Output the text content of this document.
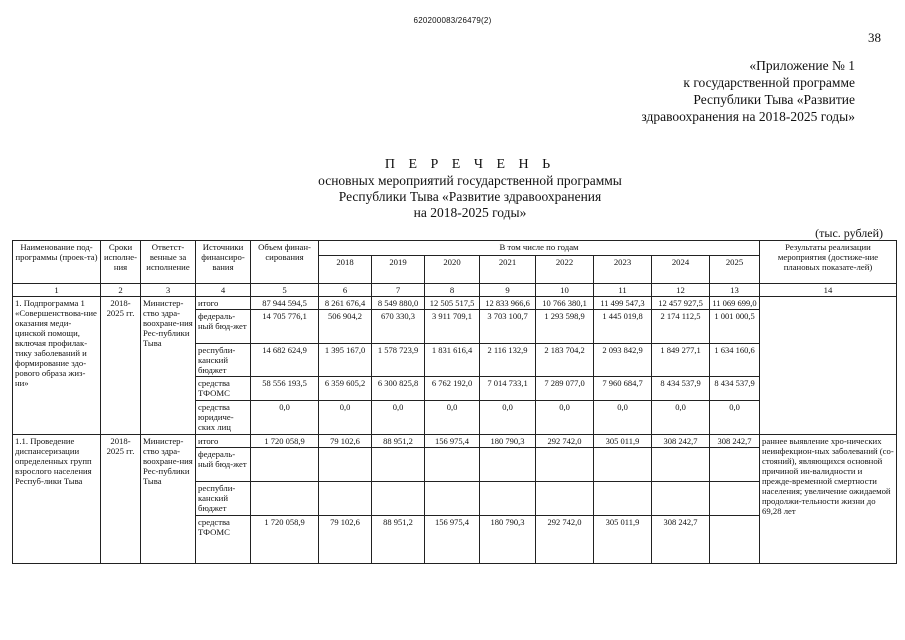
620200083/26479(2)
38
«Приложение № 1
к государственной программе
Республики Тыва «Развитие
здравоохранения на 2018-2025 годы»
П Е Р Е Ч Е Н Ь
основных мероприятий государственной программы
Республики Тыва «Развитие здравоохранения
на 2018-2025 годы»
(тыс. рублей)
Наименование под-программы (проек-та)	Сроки исполне-ния	Ответст-венные за исполнение	Источники финансиро-вания	Объем финан-сирования	В том числе по годам								Результаты реализации мероприятия (достиже-ние плановых показате-лей)
					2018	2019	2020	2021	2022	2023	2024	2025	
1	2	3	4	5	6	7	8	9	10	11	12	13	14
1. Подпрограмма 1 «Совершенствова-ние оказания меди-цинской помощи, включая профилак-тику заболеваний и формирование здо-рового образа жиз-ни»	2018-2025 гг.	Министер-ство здра-воохране-ния Рес-публики Тыва	итого	87 944 594,5	8 261 676,4	8 549 880,0	12 505 517,5	12 833 966,6	10 766 380,1	11 499 547,3	12 457 927,5	11 069 699,0	
			федераль-ный бюд-жет	14 705 776,1	506 904,2	670 330,3	3 911 709,1	3 703 100,7	1 293 598,9	1 445 019,8	2 174 112,5	1 001 000,5	
			республи-канский бюджет	14 682 624,9	1 395 167,0	1 578 723,9	1 831 616,4	2 116 132,9	2 183 704,2	2 093 842,9	1 849 277,1	1 634 160,6	
			средства ТФОМС	58 556 193,5	6 359 605,2	6 300 825,8	6 762 192,0	7 014 733,1	7 289 077,0	7 960 684,7	8 434 537,9	8 434 537,9	
			средства юридиче-ских лиц	0,0	0,0	0,0	0,0	0,0	0,0	0,0	0,0	0,0	
1.1. Проведение диспансеризации определенных групп взрослого населения Респуб-лики Тыва	2018-2025 гг.	Министер-ство здра-воохране-ния Рес-публики Тыва	итого	1 720 058,9	79 102,6	88 951,2	156 975,4	180 790,3	292 742,0	305 011,9	308 242,7	308 242,7	раннее выявление хро-нических неинфекцион-ных заболеваний (со-стояний), являющихся основной причиной ин-валидности и прежде-временной смертности населения; увеличение ожидаемой продолжи-тельности жизни до 69,28 лет
			федераль-ный бюд-жет										
			республи-канский бюджет										
			средства ТФОМС	1 720 058,9	79 102,6	88 951,2	156 975,4	180 790,3	292 742,0	305 011,9	308 242,7		
